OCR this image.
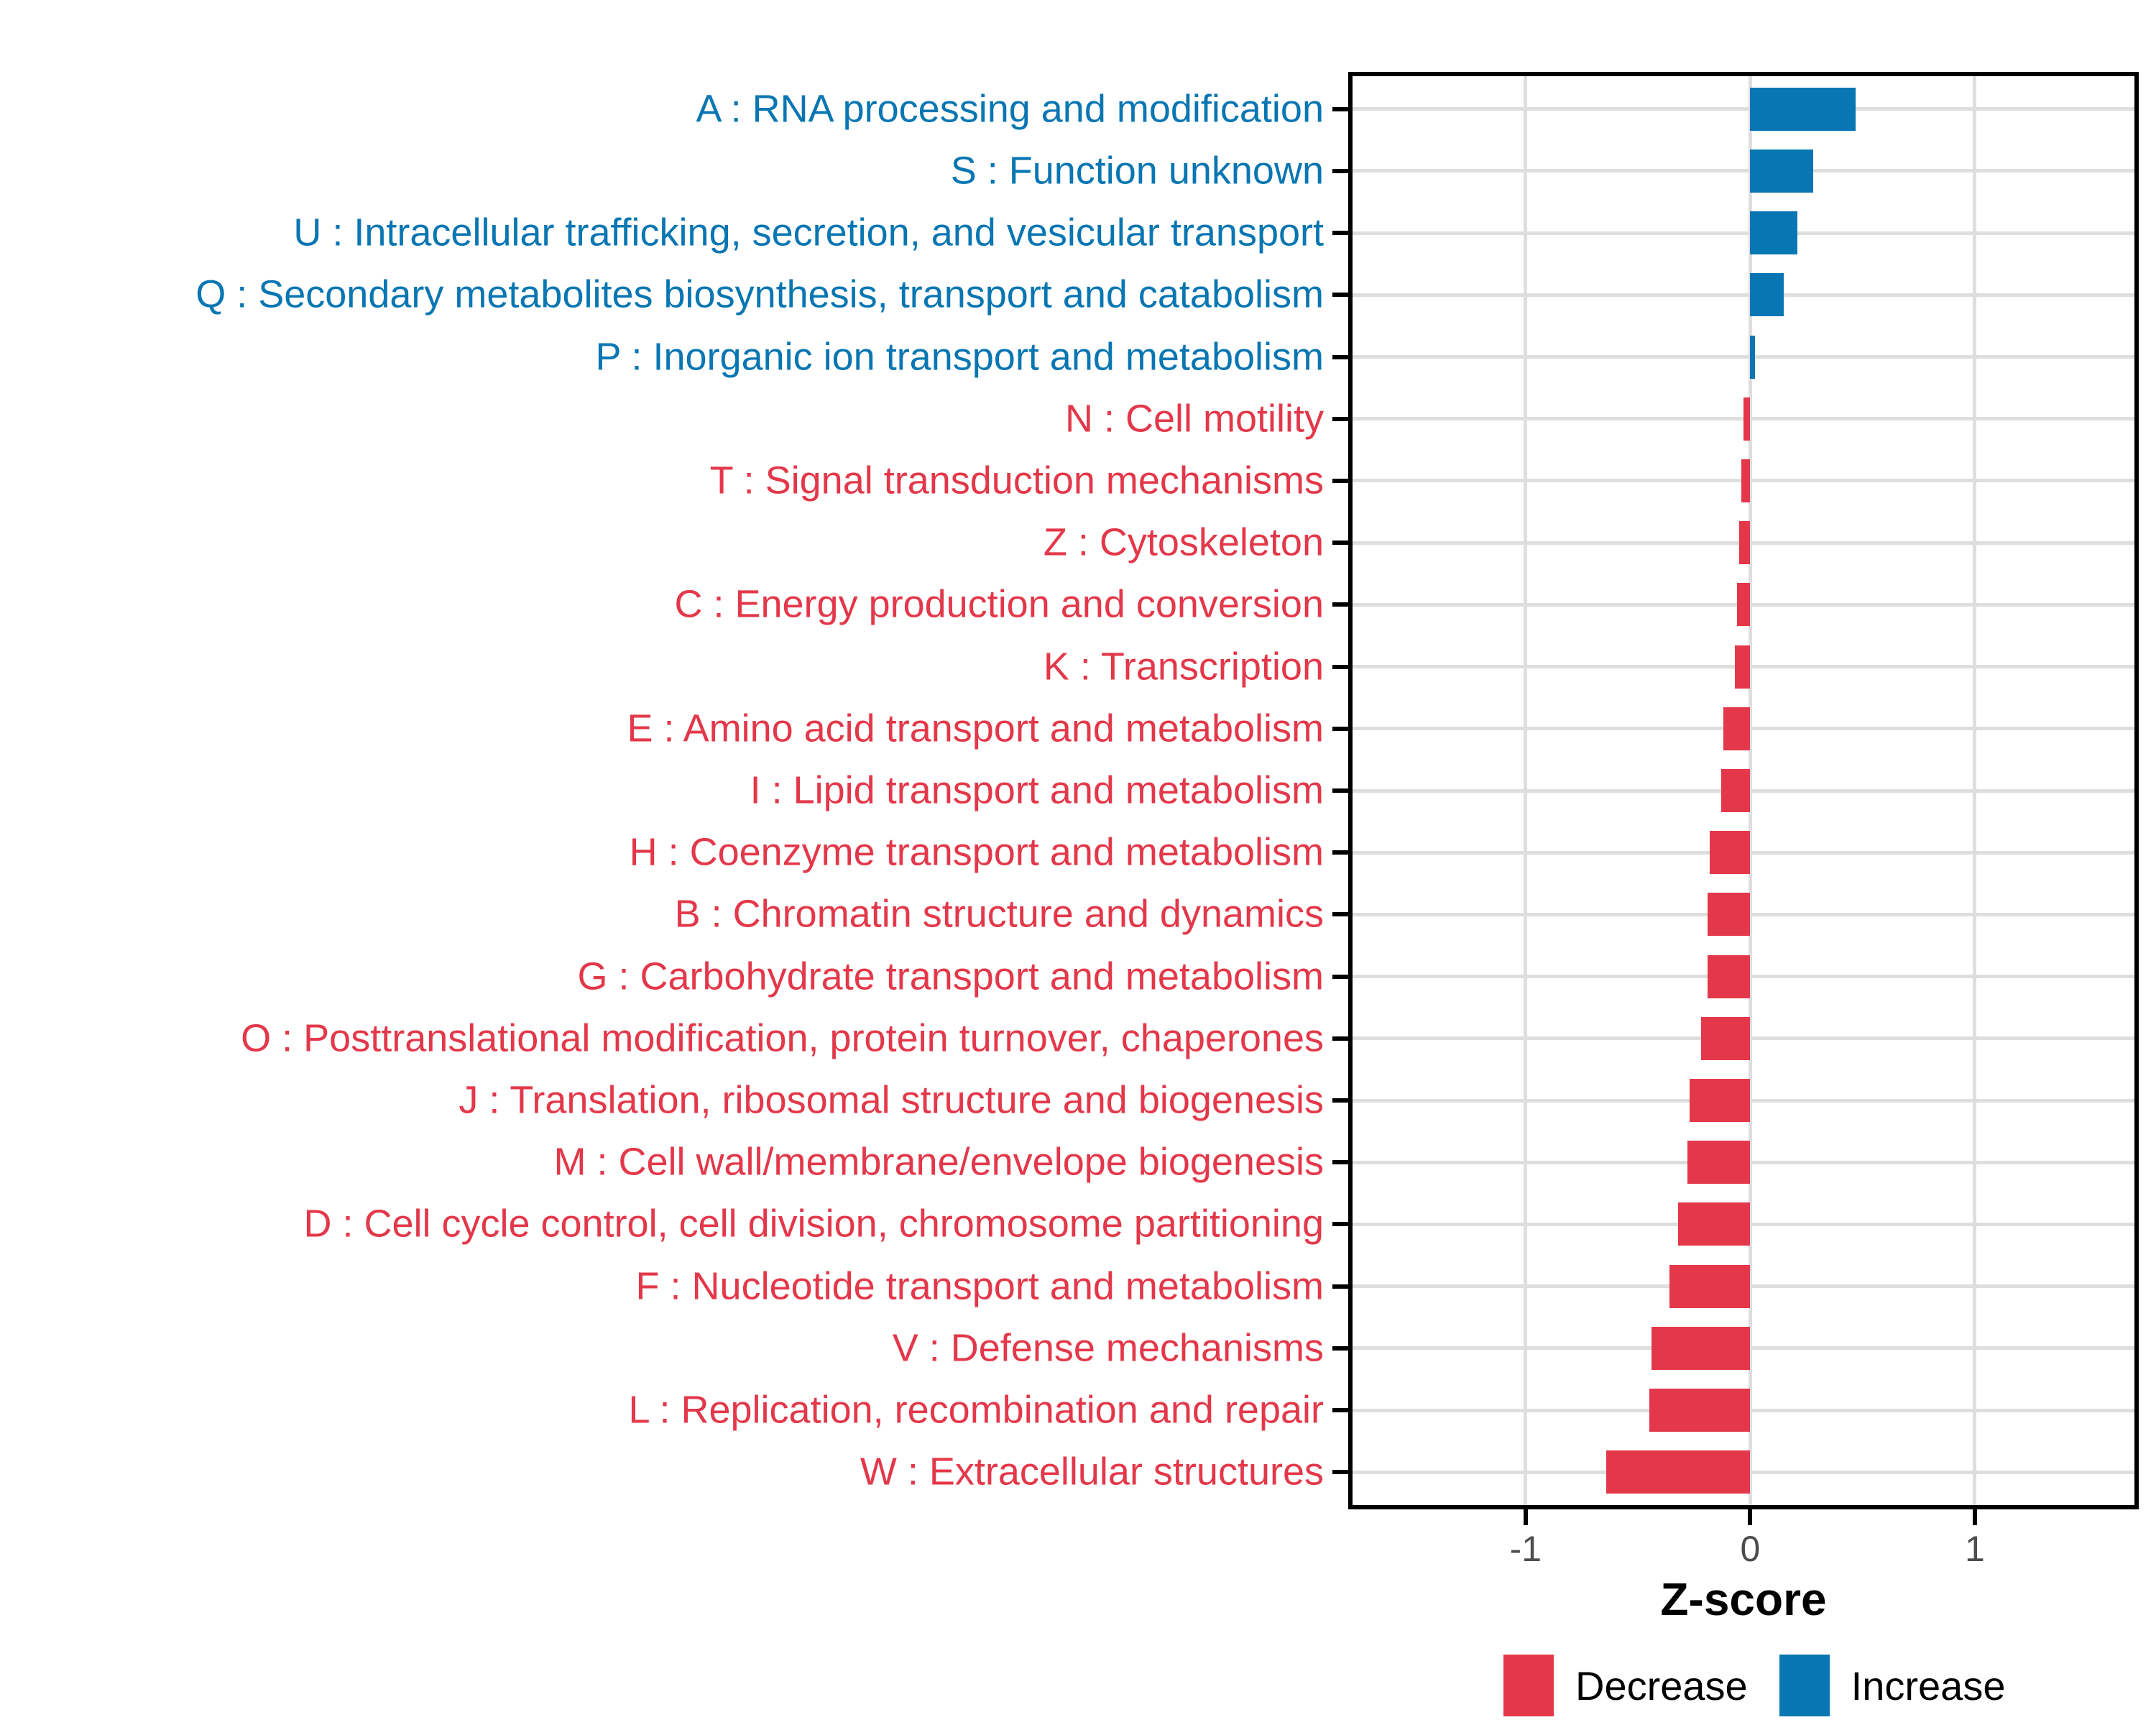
A : RNA processing and modification
S : Function unknown
U : Intracellular trafficking, secretion, and vesicular transport
Q : Secondary metabolites biosynthesis, transport and catabolism
P : Inorganic ion transport and metabolism
N : Cell motility
T : Signal transduction mechanisms
Z : Cytoskeleton
C : Energy production and conversion
K : Transcription
E : Amino acid transport and metabolism
I : Lipid transport and metabolism
H : Coenzyme transport and metabolism
B : Chromatin structure and dynamics
G : Carbohydrate transport and metabolism
O : Posttranslational modification, protein turnover, chaperones
J : Translation, ribosomal structure and biogenesis
M : Cell wall/membrane/envelope biogenesis
D : Cell cycle control, cell division, chromosome partitioning
F : Nucleotide transport and metabolism
V : Defense mechanisms
L : Replication, recombination and repair
W : Extracellular structures
-1	0	1
Z-score
Decrease	Increase
